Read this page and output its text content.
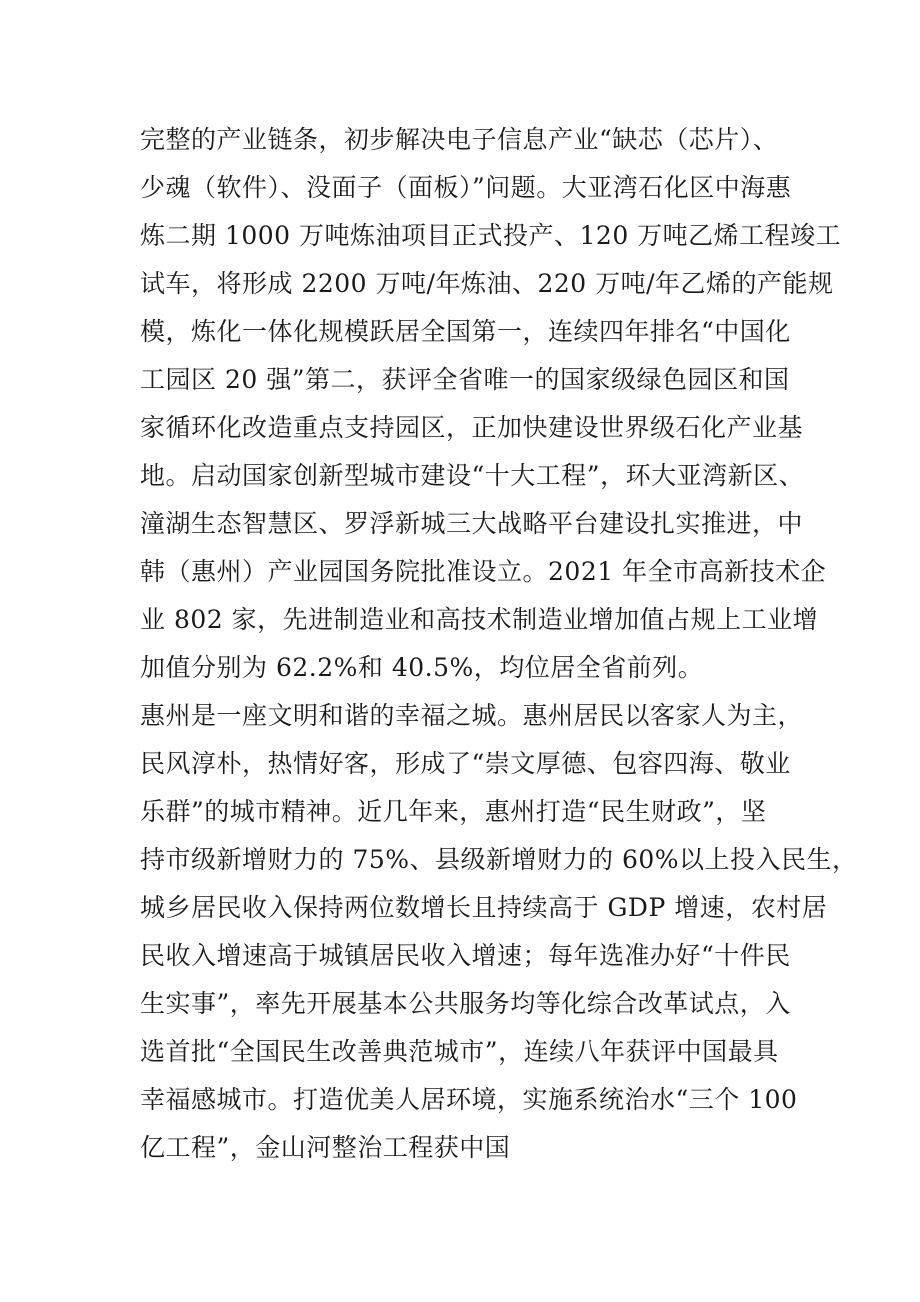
完整的产业链条，初步解决电子信息产业“缺芯（芯片）、
少魂（软件）、没面子（面板）”问题。大亚湾石化区中海惠
炼二期 1000 万吨炼油项目正式投产、120 万吨乙烯工程竣工
试车，将形成 2200 万吨/年炼油、220 万吨/年乙烯的产能规
模，炼化一体化规模跃居全国第一，连续四年排名“中国化
工园区 20 强”第二，获评全省唯一的国家级绿色园区和国
家循环化改造重点支持园区，正加快建设世界级石化产业基
地。启动国家创新型城市建设“十大工程”，环大亚湾新区、
潼湖生态智慧区、罗浮新城三大战略平台建设扎实推进，中
韩（惠州）产业园国务院批准设立。2021 年全市高新技术企
业 802 家，先进制造业和高技术制造业增加值占规上工业增
加值分别为 62.2%和 40.5%，均位居全省前列。
惠州是一座文明和谐的幸福之城。惠州居民以客家人为主，
民风淳朴，热情好客，形成了“崇文厚德、包容四海、敬业
乐群”的城市精神。近几年来，惠州打造“民生财政”，坚
持市级新增财力的 75%、县级新增财力的 60%以上投入民生，
城乡居民收入保持两位数增长且持续高于 GDP 增速，农村居
民收入增速高于城镇居民收入增速；每年选准办好“十件民
生实事”，率先开展基本公共服务均等化综合改革试点，入
选首批“全国民生改善典范城市”，连续八年获评中国最具
幸福感城市。打造优美人居环境，实施系统治水“三个 100
亿工程”，金山河整治工程获中国
